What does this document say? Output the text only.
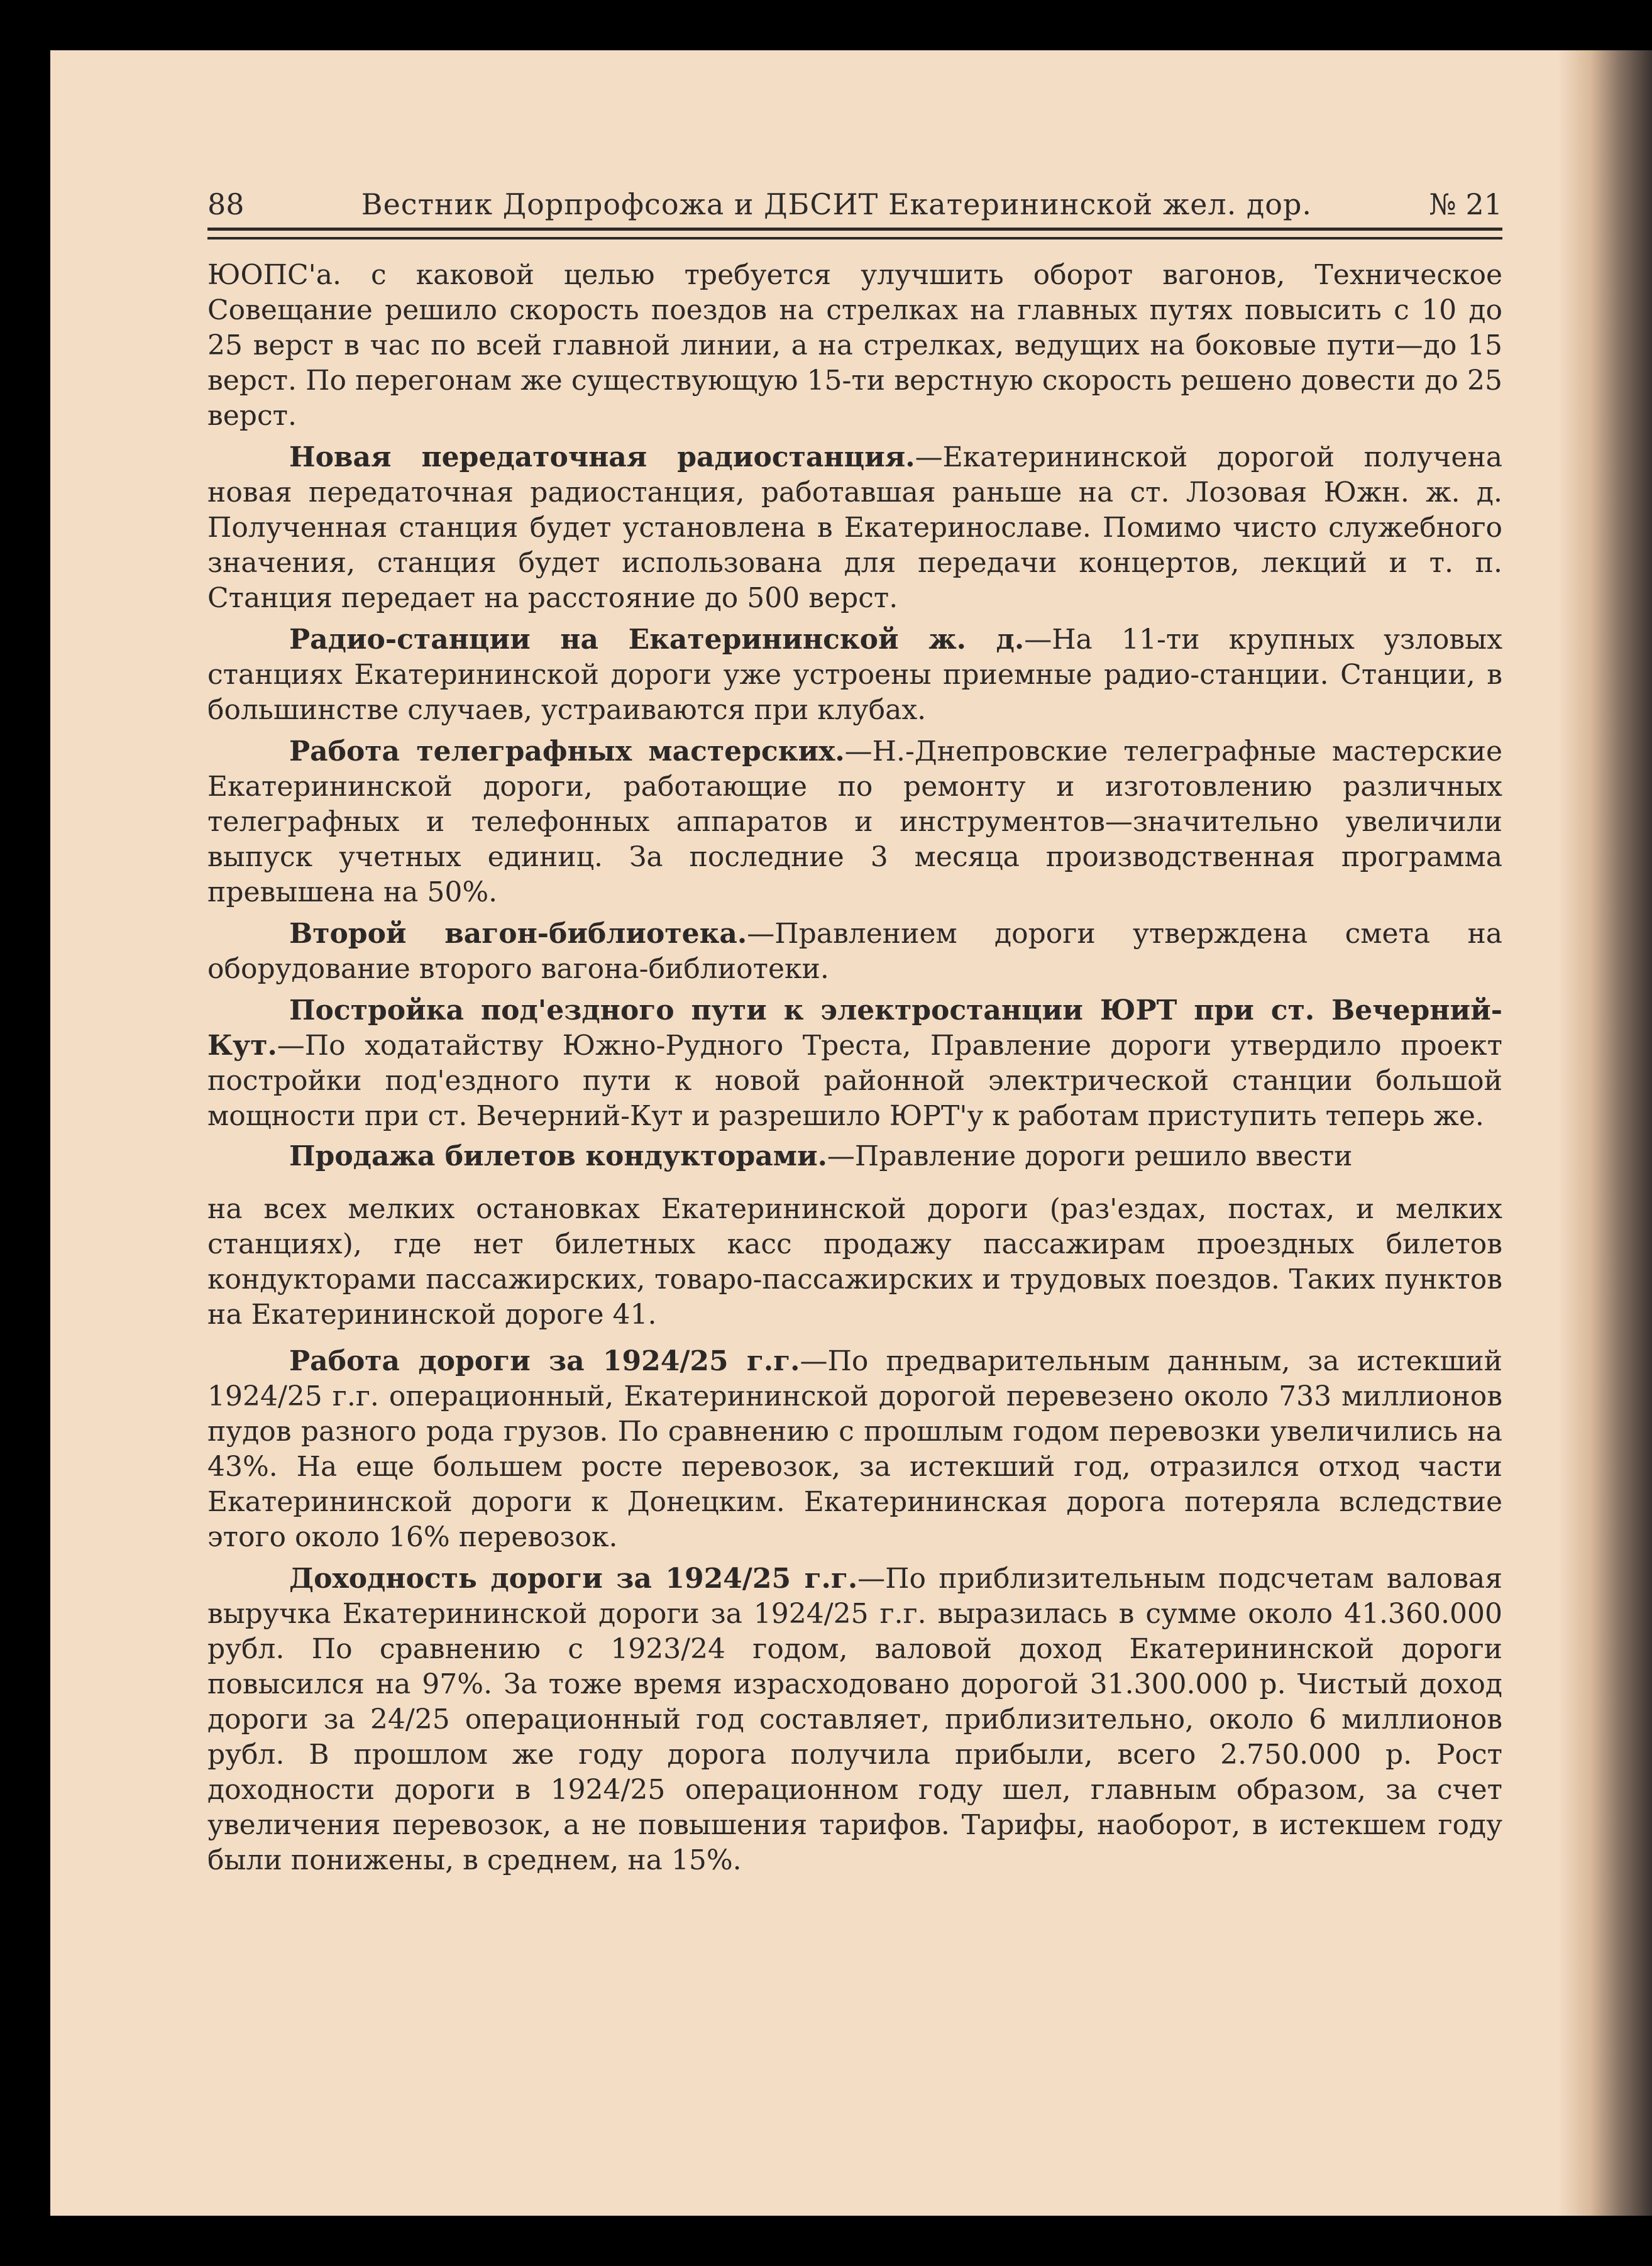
88	Вестник Дорпрофсожа и ДБСИТ Екатерининской жел. дор.	№ 21

ЮОПС'а. с каковой целью требуется улучшить оборот вагонов, Техническое Совещание решило скорость поездов на стрелках на главных путях повысить с 10 до 25 верст в час по всей главной линии, а на стрелках, ведущих на боковые пути—до 15 верст. По перегонам же существующую 15-ти верстную скорость решено довести до 25 верст.

Новая передаточная радиостанция.—Екатерининской дорогой получена новая передаточная радиостанция, работавшая раньше на ст. Лозовая Южн. ж. д. Полученная станция будет установлена в Екатеринославе. Помимо чисто служебного значения, станция будет использована для передачи концертов, лекций и т. п. Станция передает на расстояние до 500 верст.

Радио-станции на Екатерининской ж. д.—На 11-ти крупных узловых станциях Екатерининской дороги уже устроены приемные радио-станции. Станции, в большинстве случаев, устраиваются при клубах.

Работа телеграфных мастерских.—Н.-Днепровские телеграфные мастерские Екатерининской дороги, работающие по ремонту и изготовлению различных телеграфных и телефонных аппаратов и инструментов—значительно увеличили выпуск учетных единиц. За последние 3 месяца производственная программа превышена на 50%.

Второй вагон-библиотека.—Правлением дороги утверждена смета на оборудование второго вагона-библиотеки.

Постройка под'ездного пути к электростанции ЮРТ при ст. Вечерний-Кут.—По ходатайству Южно-Рудного Треста, Правление дороги утвердило проект постройки под'ездного пути к новой районной электрической станции большой мощности при ст. Вечерний-Кут и разрешило ЮРТ'у к работам приступить теперь же.

Продажа билетов кондукторами.—Правление дороги решило ввести

на всех мелких остановках Екатерининской дороги (раз'ездах, постах, и мелких станциях), где нет билетных касс продажу пассажирам проездных билетов кондукторами пассажирских, товаро-пассажирских и трудовых поездов. Таких пунктов на Екатерининской дороге 41.

Работа дороги за 1924/25 г.г.—По предварительным данным, за истекший 1924/25 г.г. операционный, Екатерининской дорогой перевезено около 733 миллионов пудов разного рода грузов. По сравнению с прошлым годом перевозки увеличились на 43%. На еще большем росте перевозок, за истекший год, отразился отход части Екатерининской дороги к Донецким. Екатерининская дорога потеряла вследствие этого около 16% перевозок.

Доходность дороги за 1924/25 г.г.—По приблизительным подсчетам валовая выручка Екатерининской дороги за 1924/25 г.г. выразилась в сумме около 41.360.000 рубл. По сравнению с 1923/24 годом, валовой доход Екатерининской дороги повысился на 97%. За тоже время израсходовано дорогой 31.300.000 р. Чистый доход дороги за 24/25 операционный год составляет, приблизительно, около 6 миллионов рубл. В прошлом же году дорога получила прибыли, всего 2.750.000 р. Рост доходности дороги в 1924/25 операционном году шел, главным образом, за счет увеличения перевозок, а не повышения тарифов. Тарифы, наоборот, в истекшем году были понижены, в среднем, на 15%.
